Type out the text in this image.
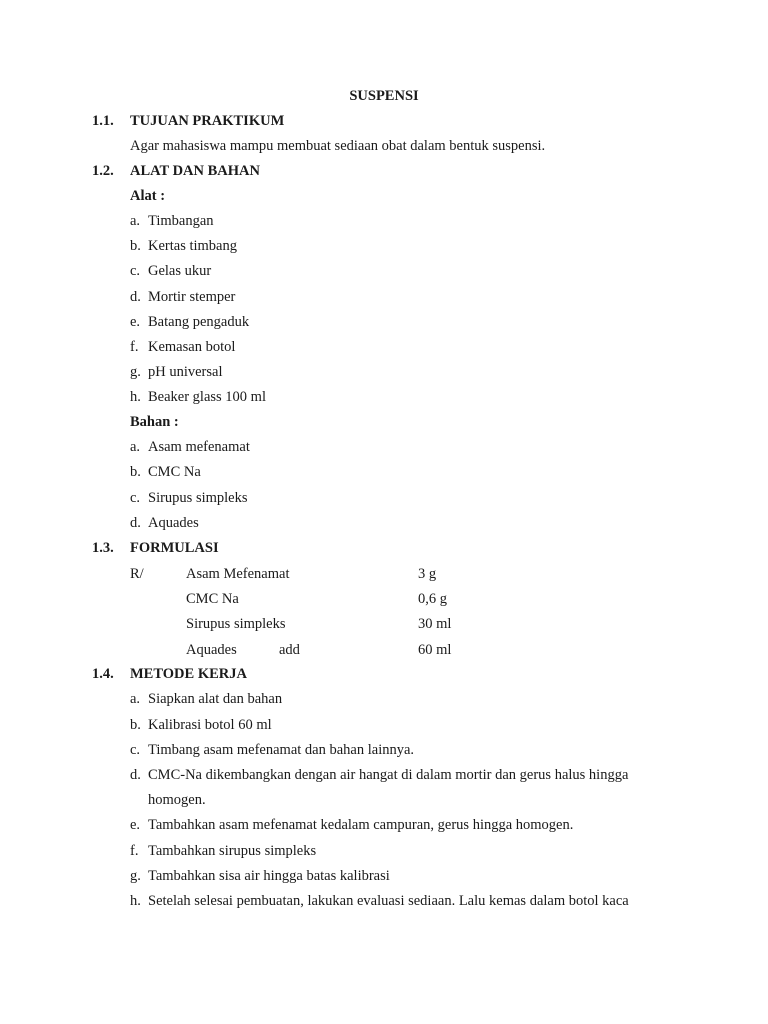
SUSPENSI
1.1. TUJUAN PRAKTIKUM
Agar mahasiswa mampu membuat sediaan obat dalam bentuk suspensi.
1.2. ALAT DAN BAHAN
Alat :
a. Timbangan
b. Kertas timbang
c. Gelas ukur
d. Mortir stemper
e. Batang pengaduk
f. Kemasan botol
g. pH universal
h. Beaker glass 100 ml
Bahan :
a. Asam mefenamat
b. CMC Na
c. Sirupus simpleks
d. Aquades
1.3. FORMULASI
R/	Asam Mefenamat	3 g
CMC Na	0,6 g
Sirupus simpleks	30 ml
Aquades	add	60 ml
1.4. METODE KERJA
a. Siapkan alat dan bahan
b. Kalibrasi botol 60 ml
c. Timbang asam mefenamat dan bahan lainnya.
d. CMC-Na dikembangkan dengan air hangat di dalam mortir dan gerus halus hingga
homogen.
e. Tambahkan asam mefenamat kedalam campuran, gerus hingga homogen.
f. Tambahkan sirupus simpleks
g. Tambahkan sisa air hingga batas kalibrasi
h. Setelah selesai pembuatan, lakukan evaluasi sediaan. Lalu kemas dalam botol kaca
